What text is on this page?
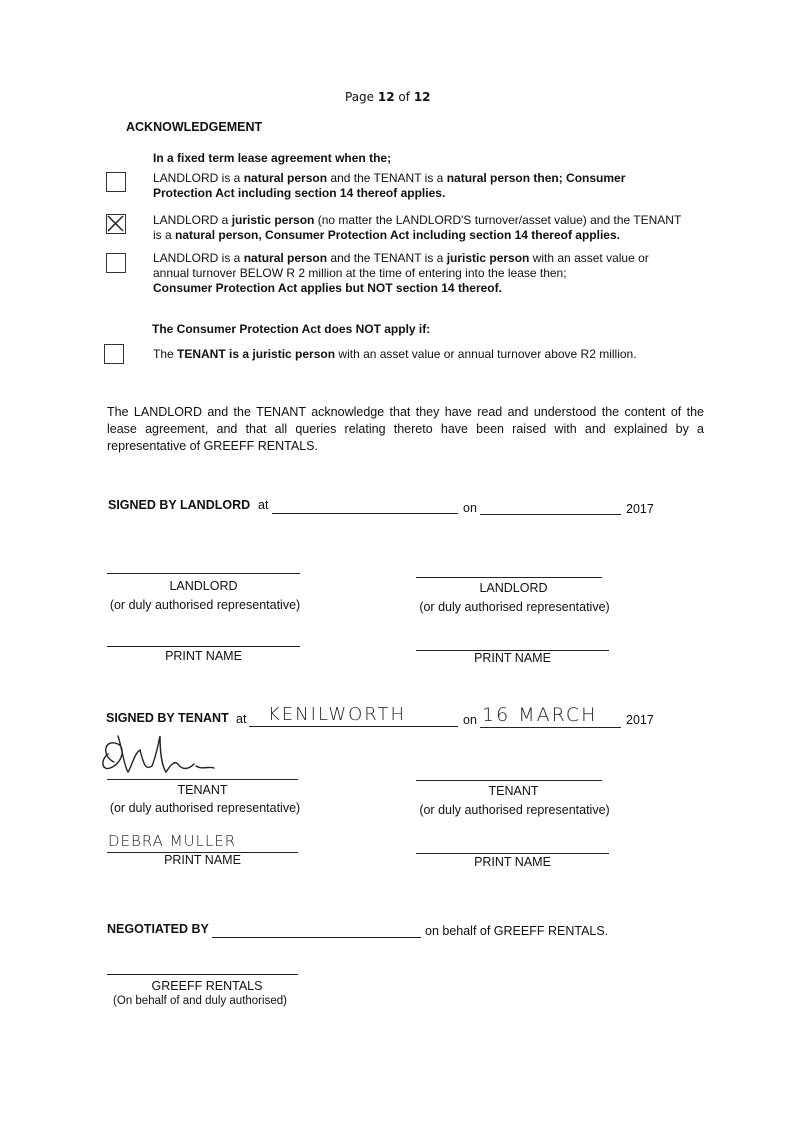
Page 12 of 12
ACKNOWLEDGEMENT
In a fixed term lease agreement when the;
LANDLORD is a natural person and the TENANT is a natural person then; Consumer
Protection Act including section 14 thereof applies.
LANDLORD a juristic person (no matter the LANDLORD'S turnover/asset value) and the TENANT
is a natural person, Consumer Protection Act including section 14 thereof applies.
LANDLORD is a natural person and the TENANT is a juristic person with an asset value or
annual turnover BELOW R 2 million at the time of entering into the lease then;
Consumer Protection Act applies but NOT section 14 thereof.
The Consumer Protection Act does NOT apply if:
The TENANT is a juristic person with an asset value or annual turnover above R2 million.
The LANDLORD and the TENANT acknowledge that they have read and understood the content of the lease agreement, and that all queries relating thereto have been raised with and explained by a representative of GREEFF RENTALS.
SIGNED BY LANDLORD at	on	2017
LANDLORD
(or duly authorised representative)
LANDLORD
(or duly authorised representative)
PRINT NAME	PRINT NAME
SIGNED BY TENANT at KENILWORTH	on 16 MARCH 2017
TENANT
(or duly authorised representative)
TENANT
(or duly authorised representative)
DEBRA MULLER
PRINT NAME	PRINT NAME
NEGOTIATED BY	on behalf of GREEFF RENTALS.
GREEFF RENTALS
(On behalf of and duly authorised)
